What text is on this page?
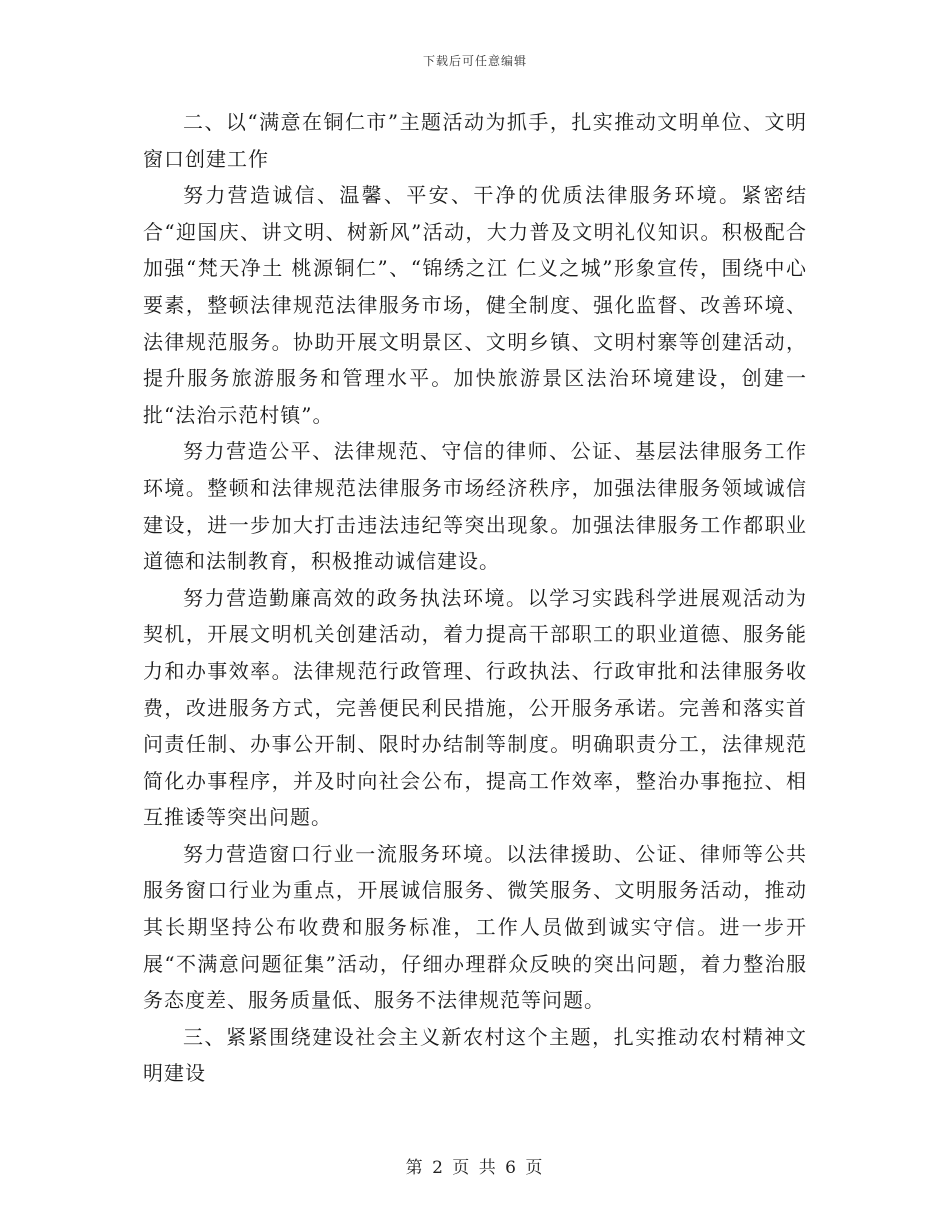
下载后可任意编辑

二、以“满意在铜仁市”主题活动为抓手，扎实推动文明单位、文明窗口创建工作

努力营造诚信、温馨、平安、干净的优质法律服务环境。紧密结合“迎国庆、讲文明、树新风”活动，大力普及文明礼仪知识。积极配合加强“梵天净土 桃源铜仁”、“锦绣之江 仁义之城”形象宣传，围绕中心要素，整顿法律规范法律服务市场，健全制度、强化监督、改善环境、法律规范服务。协助开展文明景区、文明乡镇、文明村寨等创建活动，提升服务旅游服务和管理水平。加快旅游景区法治环境建设，创建一批“法治示范村镇”。

努力营造公平、法律规范、守信的律师、公证、基层法律服务工作环境。整顿和法律规范法律服务市场经济秩序，加强法律服务领域诚信建设，进一步加大打击违法违纪等突出现象。加强法律服务工作都职业道德和法制教育，积极推动诚信建设。

努力营造勤廉高效的政务执法环境。以学习实践科学进展观活动为契机，开展文明机关创建活动，着力提高干部职工的职业道德、服务能力和办事效率。法律规范行政管理、行政执法、行政审批和法律服务收费，改进服务方式，完善便民利民措施，公开服务承诺。完善和落实首问责任制、办事公开制、限时办结制等制度。明确职责分工，法律规范简化办事程序，并及时向社会公布，提高工作效率，整治办事拖拉、相互推诿等突出问题。

努力营造窗口行业一流服务环境。以法律援助、公证、律师等公共服务窗口行业为重点，开展诚信服务、微笑服务、文明服务活动，推动其长期坚持公布收费和服务标准，工作人员做到诚实守信。进一步开展“不满意问题征集”活动，仔细办理群众反映的突出问题，着力整治服务态度差、服务质量低、服务不法律规范等问题。

三、紧紧围绕建设社会主义新农村这个主题，扎实推动农村精神文明建设

第 2 页 共 6 页
